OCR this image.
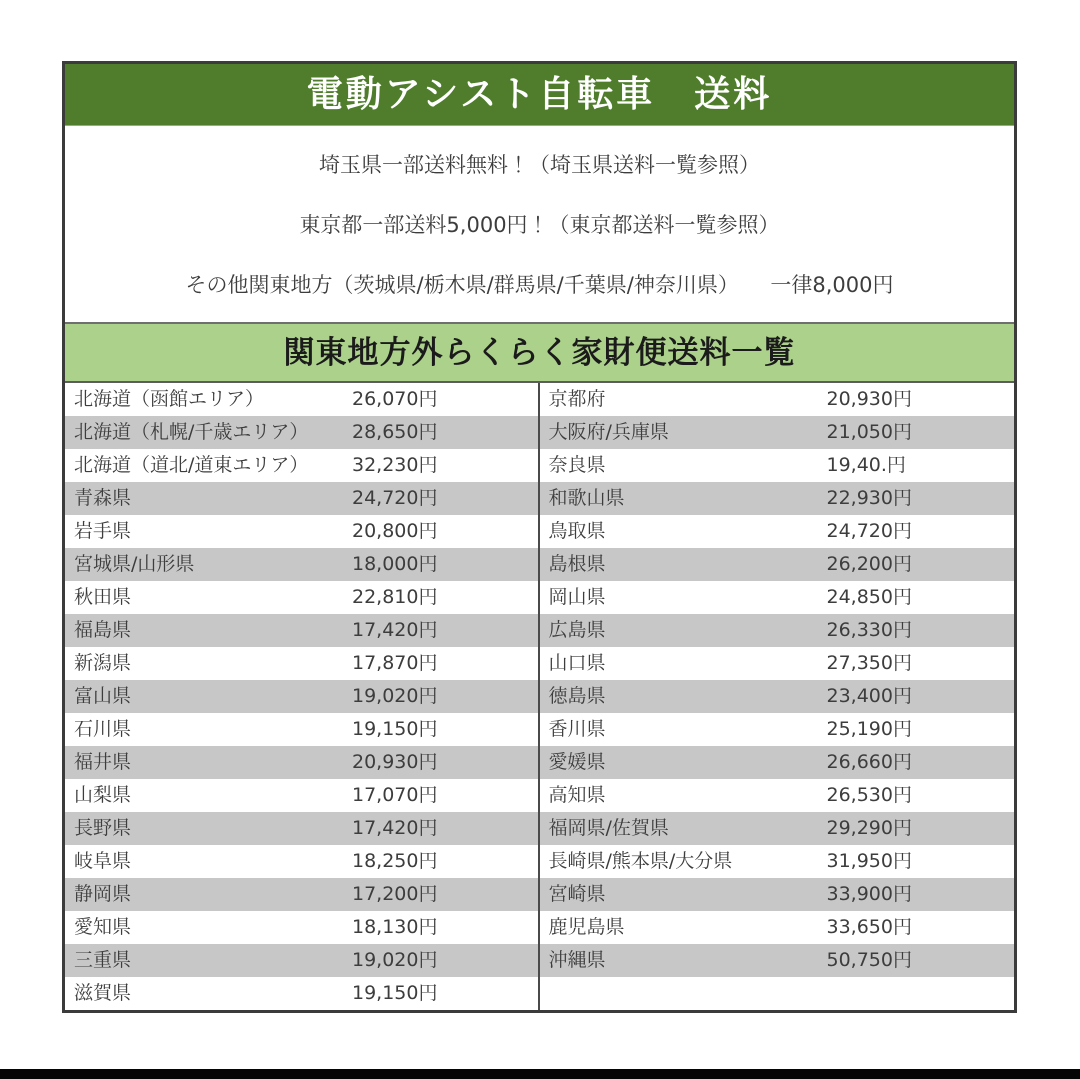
電動アシスト自転車　送料

埼玉県一部送料無料！（埼玉県送料一覧参照）

東京都一部送料5,000円！（東京都送料一覧参照）

その他関東地方（茨城県/栃木県/群馬県/千葉県/神奈川県）　　一律8,000円

関東地方外らくらく家財便送料一覧
北海道（函館エリア）	26,070円	京都府	20,930円
北海道（札幌/千歳エリア）	28,650円	大阪府/兵庫県	21,050円
北海道（道北/道東エリア）	32,230円	奈良県	19,40.円
青森県	24,720円	和歌山県	22,930円
岩手県	20,800円	鳥取県	24,720円
宮城県/山形県	18,000円	島根県	26,200円
秋田県	22,810円	岡山県	24,850円
福島県	17,420円	広島県	26,330円
新潟県	17,870円	山口県	27,350円
富山県	19,020円	徳島県	23,400円
石川県	19,150円	香川県	25,190円
福井県	20,930円	愛媛県	26,660円
山梨県	17,070円	高知県	26,530円
長野県	17,420円	福岡県/佐賀県	29,290円
岐阜県	18,250円	長崎県/熊本県/大分県	31,950円
静岡県	17,200円	宮崎県	33,900円
愛知県	18,130円	鹿児島県	33,650円
三重県	19,020円	沖縄県	50,750円
滋賀県	19,150円
